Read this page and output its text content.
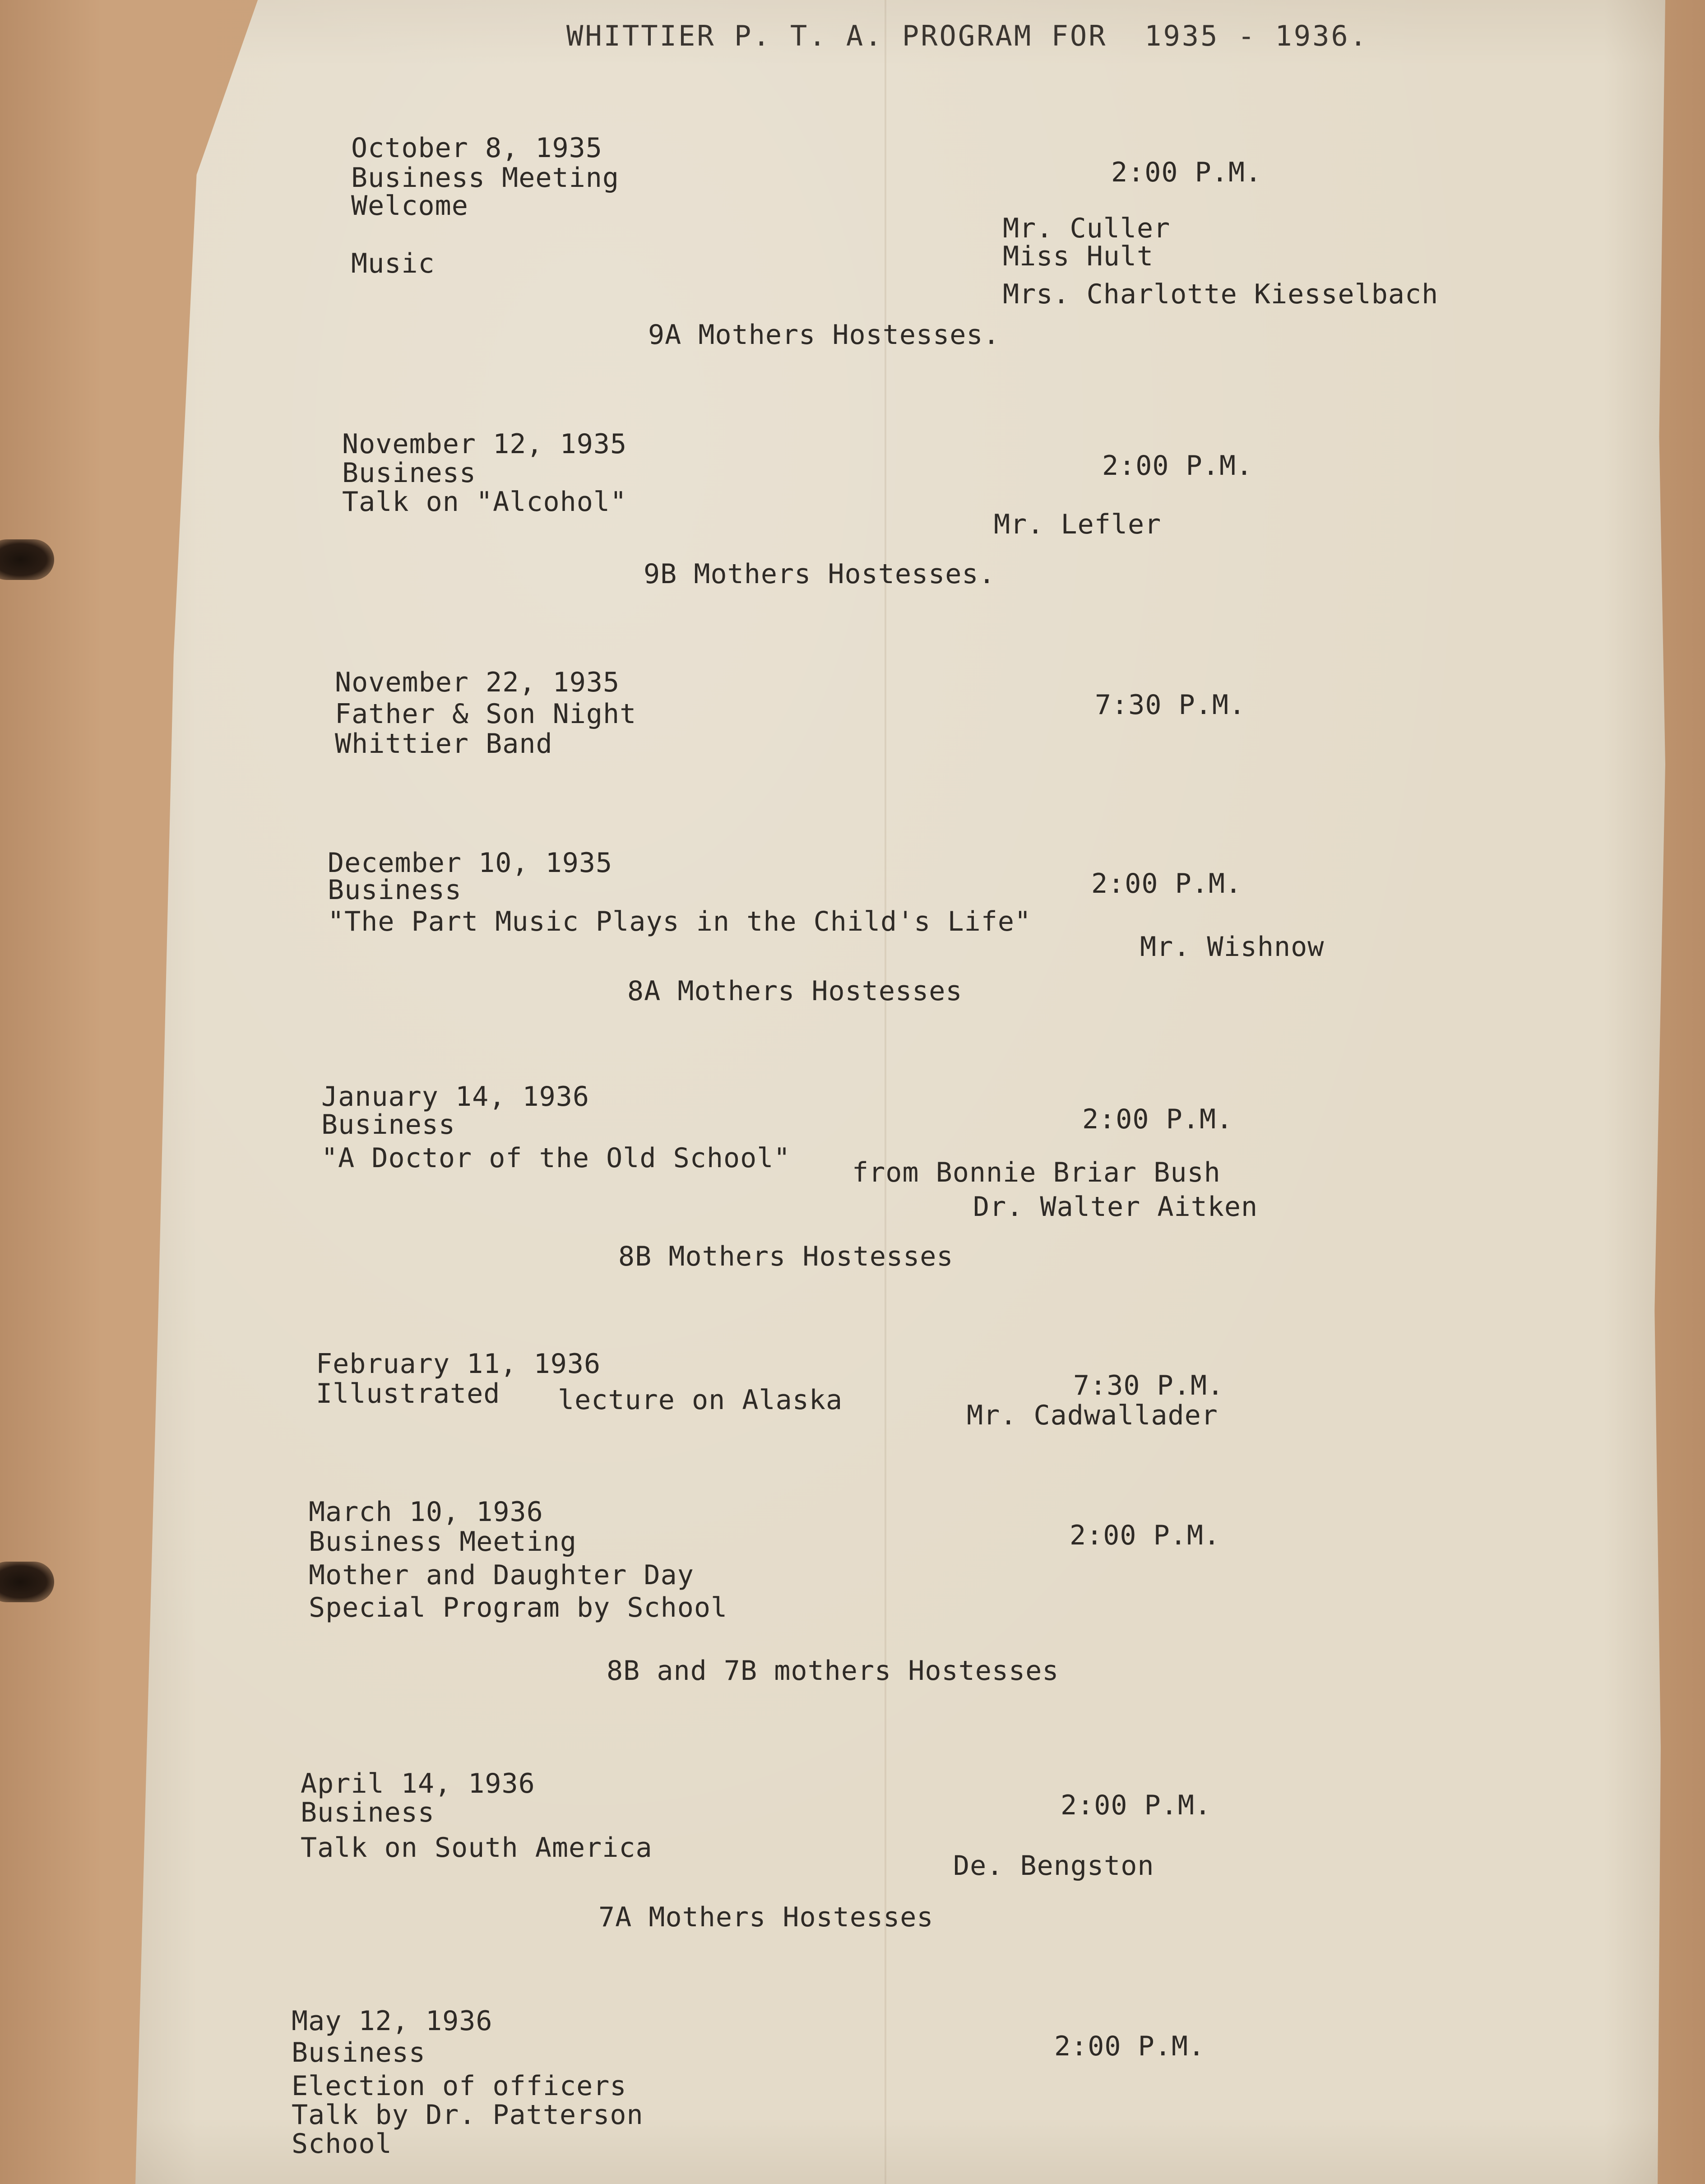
WHITTIER P. T. A. PROGRAM FOR  1935 - 1936.
October 8, 1935
Business Meeting
Welcome
Music
2:00 P.M.
Mr. Culler
Miss Hult
Mrs. Charlotte Kiesselbach
9A Mothers Hostesses.
November 12, 1935
Business
Talk on "Alcohol"
2:00 P.M.
Mr. Lefler
9B Mothers Hostesses.
November 22, 1935
Father & Son Night
Whittier Band
7:30 P.M.
December 10, 1935
Business
"The Part Music Plays in the Child's Life"
2:00 P.M.
Mr. Wishnow
8A Mothers Hostesses
January 14, 1936
Business
"A Doctor of the Old School" from Bonnie Briar Bush
2:00 P.M.
Dr. Walter Aitken
8B Mothers Hostesses
February 11, 1936
Illustrated lecture on Alaska	7:30 P.M.
Mr. Cadwallader
March 10, 1936
Business Meeting
Mother and Daughter Day
Special Program by School
2:00 P.M.
8B and 7B mothers Hostesses
April 14, 1936
Business
Talk on South America
2:00 P.M.
De. Bengston
7A Mothers Hostesses
May 12, 1936
Business
Election of officers
Talk by Dr. Patterson
School
2:00 P.M.
